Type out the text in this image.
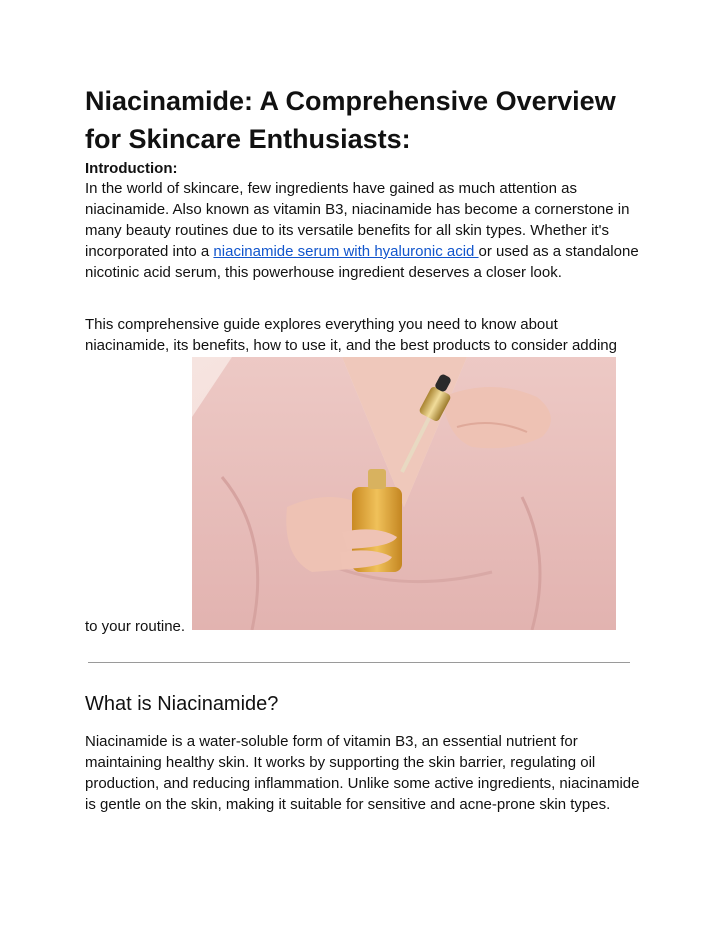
Niacinamide: A Comprehensive Overview for Skincare Enthusiasts:
Introduction:

In the world of skincare, few ingredients have gained as much attention as niacinamide. Also known as vitamin B3, niacinamide has become a cornerstone in many beauty routines due to its versatile benefits for all skin types. Whether it's incorporated into a niacinamide serum with hyaluronic acid or used as a standalone nicotinic acid serum, this powerhouse ingredient deserves a closer look.

This comprehensive guide explores everything you need to know about niacinamide, its benefits, how to use it, and the best products to consider adding

to your routine.
What is Niacinamide?

Niacinamide is a water-soluble form of vitamin B3, an essential nutrient for maintaining healthy skin. It works by supporting the skin barrier, regulating oil production, and reducing inflammation. Unlike some active ingredients, niacinamide is gentle on the skin, making it suitable for sensitive and acne-prone skin types.
